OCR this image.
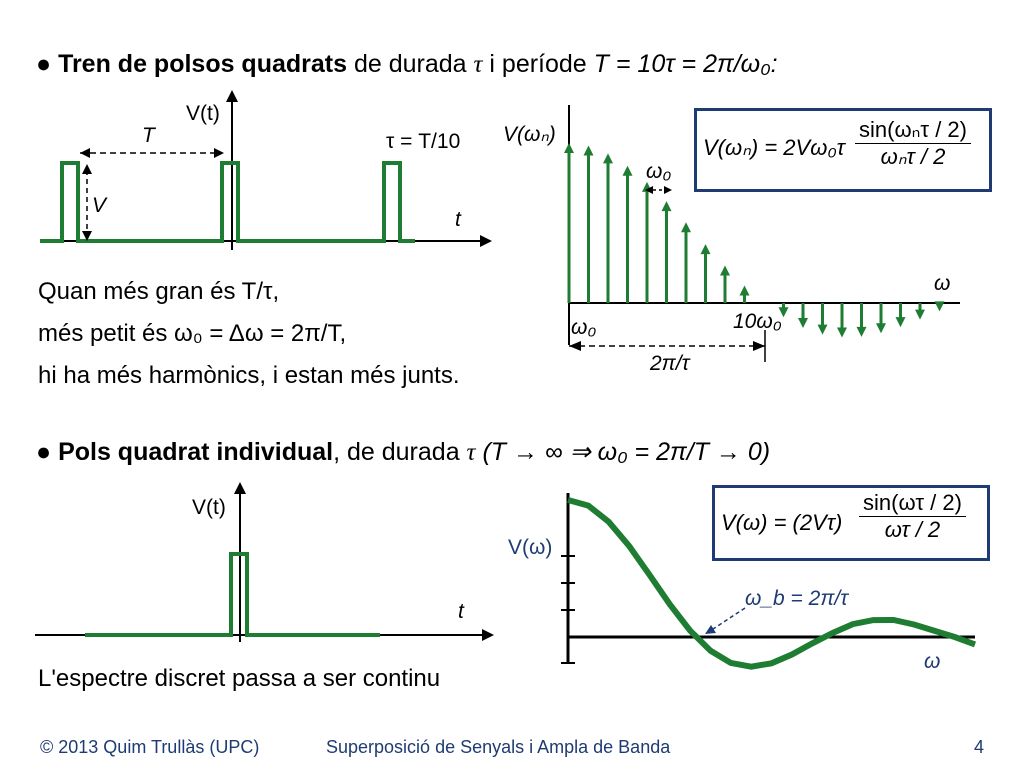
● Tren de polsos quadrats de durada τ i període T = 10τ = 2π/ω₀:
V(t)
T
V
τ = T/10
t
Quan més gran és T/τ,
més petit és ω₀ = Δω = 2π/T,
hi ha més harmònics, i estan més junts.
V(ωₙ)
ω₀
ω
ω₀	10ω₀
2π/τ
V(ωₙ) = 2Vω₀τ
sin(ωₙτ / 2)
ωₙτ / 2
● Pols quadrat individual, de durada τ (T → ∞ ⇒ ω₀ = 2π/T → 0)
V(t)
t
V(ω)
ω_b = 2π/τ
ω
$V(\omega) = (2V\tau) \frac{\sin(\omega\tau / 2)}{\omega\tau / 2}$
L'espectre discret passa a ser continu
© 2013 Quim Trullàs (UPC)	Superposició de Senyals i Ampla de Banda	4
